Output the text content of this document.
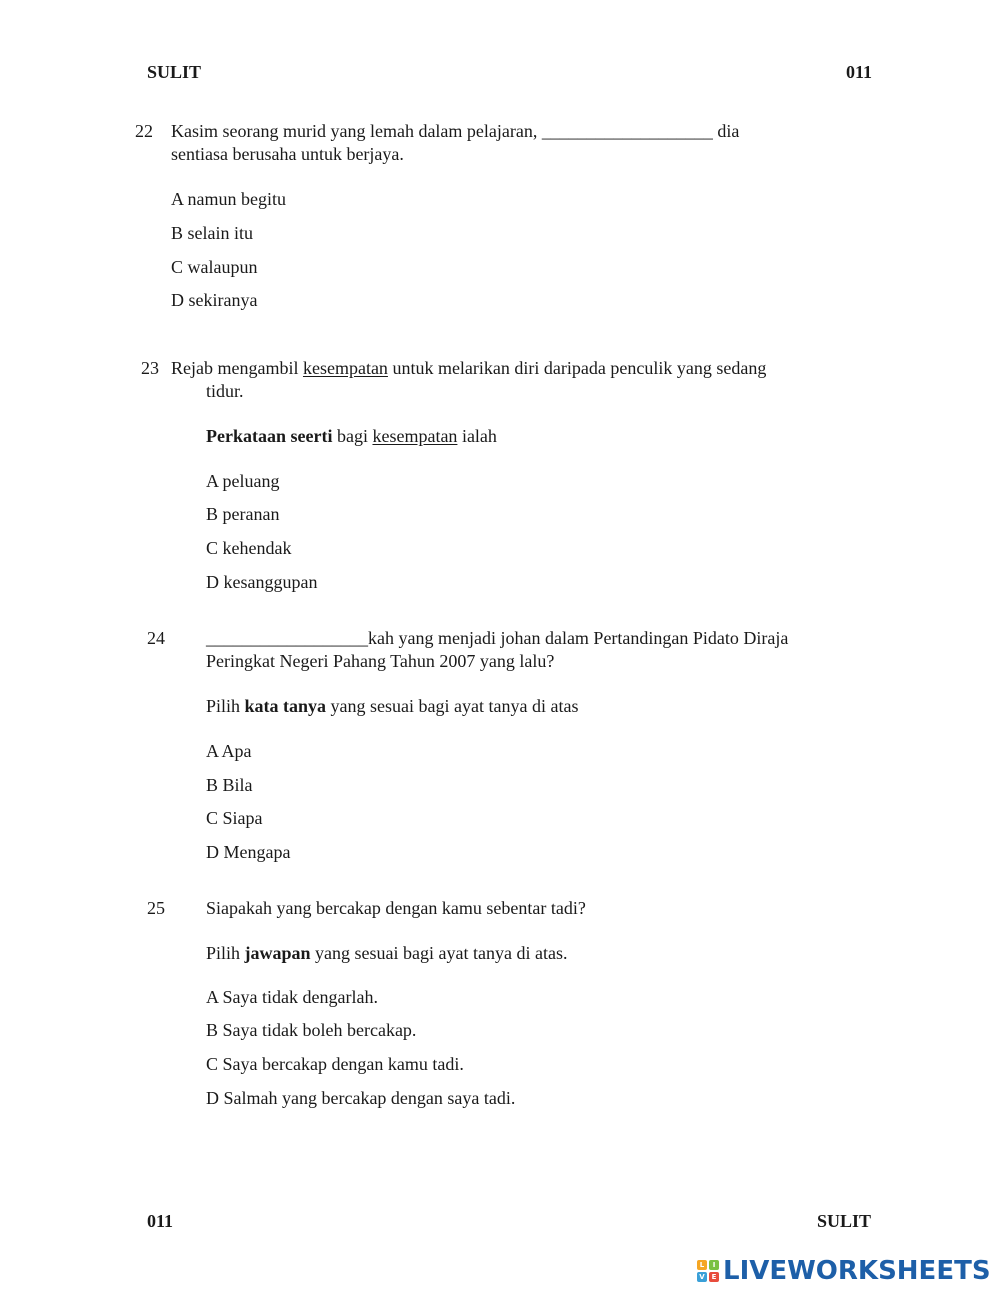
SULIT	011
22 Kasim seorang murid yang lemah dalam pelajaran, ___________________ dia
sentiasa berusaha untuk berjaya.
A namun begitu
B selain itu
C walaupun
D sekiranya
23 Rejab mengambil kesempatan untuk melarikan diri daripada penculik yang sedang
tidur.
Perkataan seerti bagi kesempatan ialah
A peluang
B peranan
C kehendak
D kesanggupan
24 __________________kah yang menjadi johan dalam Pertandingan Pidato Diraja
Peringkat Negeri Pahang Tahun 2007 yang lalu?
Pilih kata tanya yang sesuai bagi ayat tanya di atas
A Apa
B Bila
C Siapa
D Mengapa
25 Siapakah yang bercakap dengan kamu sebentar tadi?
Pilih jawapan yang sesuai bagi ayat tanya di atas.
A Saya tidak dengarlah.
B Saya tidak boleh bercakap.
C Saya bercakap dengan kamu tadi.
D Salmah yang bercakap dengan saya tadi.
011	SULIT
L	I
V E LIVEWORKSHEETS
